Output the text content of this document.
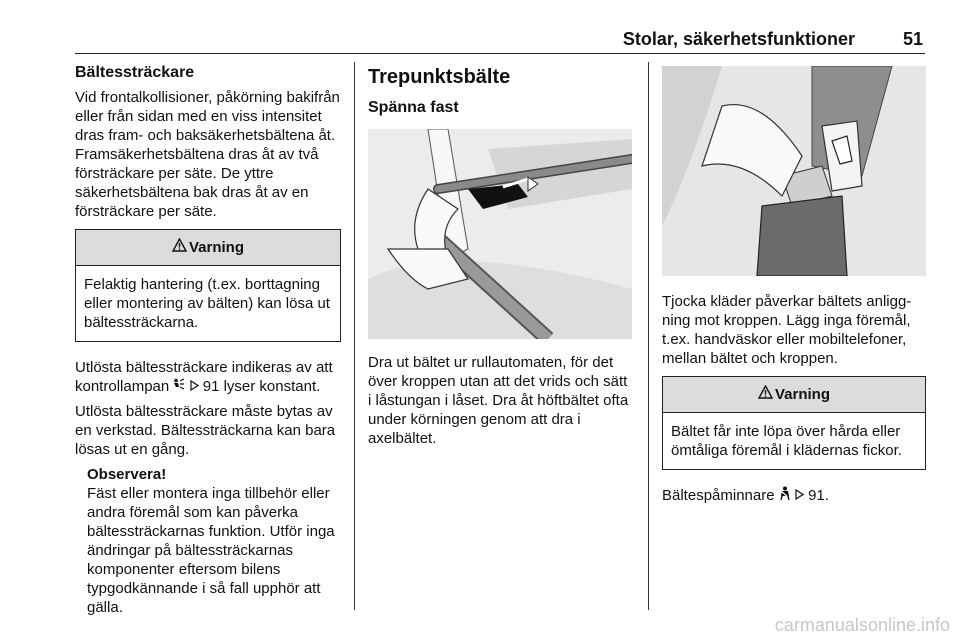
Stolar, säkerhetsfunktioner	51
Bältessträckare

Vid frontalkollisioner, påkörning bakifrån eller från sidan med en viss intensitet dras fram- och baksäkerhetsbältena åt. Framsäkerhetsbältena dras åt av två försträckare per säte. De yttre säkerhetsbältena bak dras åt av en försträckare per säte.

Varning
Felaktig hantering (t.ex. borttagning eller montering av bälten) kan lösa ut bältessträckarna.

Utlösta bältessträckare indikeras av att kontrollampan 91 lyser konstant.

Utlösta bältessträckare måste bytas av en verkstad. Bältessträckarna kan bara lösas ut en gång.

Observera!
Fäst eller montera inga tillbehör eller andra föremål som kan påverka bältessträckarnas funktion. Utför inga ändringar på bältessträckarnas komponenter eftersom bilens typgodkännande i så fall upphör att gälla.
Trepunktsbälte
Spänna fast

Dra ut bältet ur rullautomaten, för det över kroppen utan att det vrids och sätt i låstungan i låset. Dra åt höftbältet ofta under körningen genom att dra i axelbältet.

Tjocka kläder påverkar bältets anliggning mot kroppen. Lägg inga föremål, t.ex. handväskor eller mobiltelefoner, mellan bältet och kroppen.

Varning
Bältet får inte löpa över hårda eller ömtåliga föremål i klädernas fickor.

Bältespåminnare 91.

carmanualsonline.info
